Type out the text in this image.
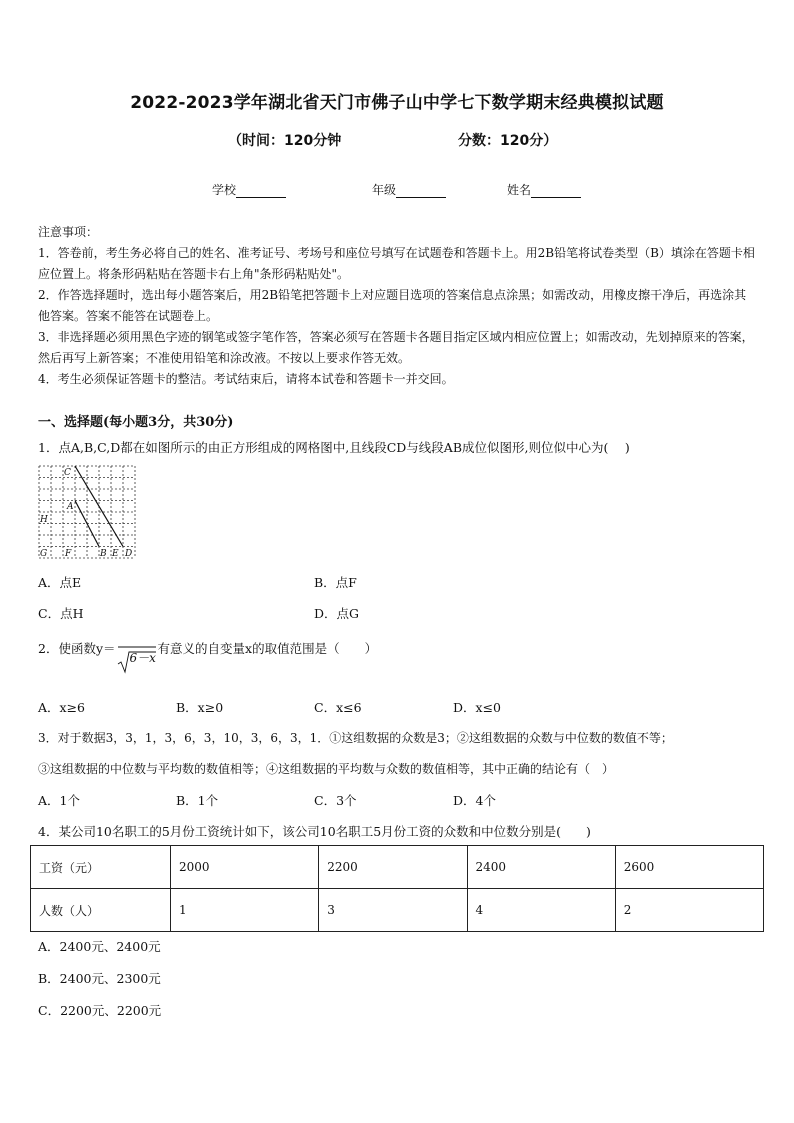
2022-2023学年湖北省天门市佛子山中学七下数学期末经典模拟试题
（时间：120分钟	分数：120分）
学校	年级	姓名
注意事项：
1．答卷前，考生务必将自己的姓名、准考证号、考场号和座位号填写在试题卷和答题卡上。用2B铅笔将试卷类型（B）填涂在答题卡相应位置上。将条形码粘贴在答题卡右上角"条形码粘贴处"。
2．作答选择题时，选出每小题答案后，用2B铅笔把答题卡上对应题目选项的答案信息点涂黑；如需改动，用橡皮擦干净后，再选涂其他答案。答案不能答在试题卷上。
3．非选择题必须用黑色字迹的钢笔或签字笔作答，答案必须写在答题卡各题目指定区域内相应位置上；如需改动，先划掉原来的答案，然后再写上新答案；不准使用铅笔和涂改液。不按以上要求作答无效。
4．考生必须保证答题卡的整洁。考试结束后，请将本试卷和答题卡一并交回。
一、选择题(每小题3分，共30分)
1．点A,B,C,D都在如图所示的由正方形组成的网格图中,且线段CD与线段AB成位似图形,则位似中心为(　 )
C
A
H
G F	B E D
A．点E	B．点F
C．点H	D．点G
2．使函数y＝
6－x
有意义的自变量x的取值范围是（　　）
A．x≥6	B．x≥0	C．x≤6	D．x≤0
3．对于数据3，3，1，3，6，3，10，3，6，3，1．①这组数据的众数是3；②这组数据的众数与中位数的数值不等；
③这组数据的中位数与平均数的数值相等；④这组数据的平均数与众数的数值相等，其中正确的结论有（　）
A．1个	B．1个	C．3个	D．4个
4．某公司10名职工的5月份工资统计如下，该公司10名职工5月份工资的众数和中位数分别是(　　)
工资（元）	2000	2200	2400	2600
人数（人）	1	3	4	2
A．2400元、2400元
B．2400元、2300元
C．2200元、2200元
